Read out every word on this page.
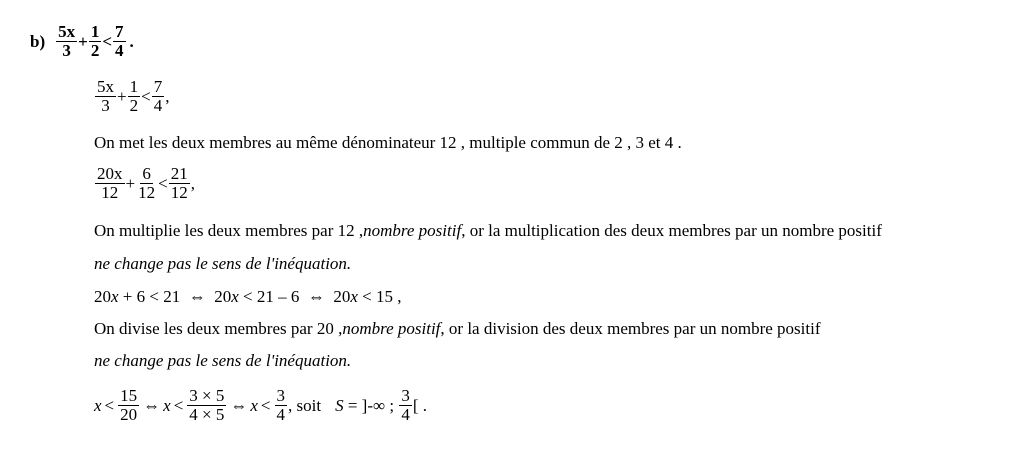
$b) \frac{5x}{3} + \frac{1}{2} < \frac{7}{4}$ .
$\frac{5x}{3} + \frac{1}{2} < \frac{7}{4}$ ,
On met les deux membres au même dénominateur 12 , multiple commun de 2 , 3 et 4 .
$\frac{20x}{12} + \frac{6}{12} < \frac{21}{12}$ ,
On multiplie les deux membres par 12 , nombre positif , or la multiplication des deux membres par un nombre positif
ne change pas le sens de l'inéquation.
20 x + 6 < 21  ⇔  20 x < 21 – 6  ⇔  20 x < 15 ,
On divise les deux membres par 20 , nombre positif , or la division des deux membres par un nombre positif
ne change pas le sens de l'inéquation.
$x < \frac{15}{20}$ ⇔ $x < \frac{3 \times 5}{4 \times 5}$ ⇔ $x < \frac{3}{4}$ , soit S = ]-∞ ; $\frac{3}{4}$ [ .
